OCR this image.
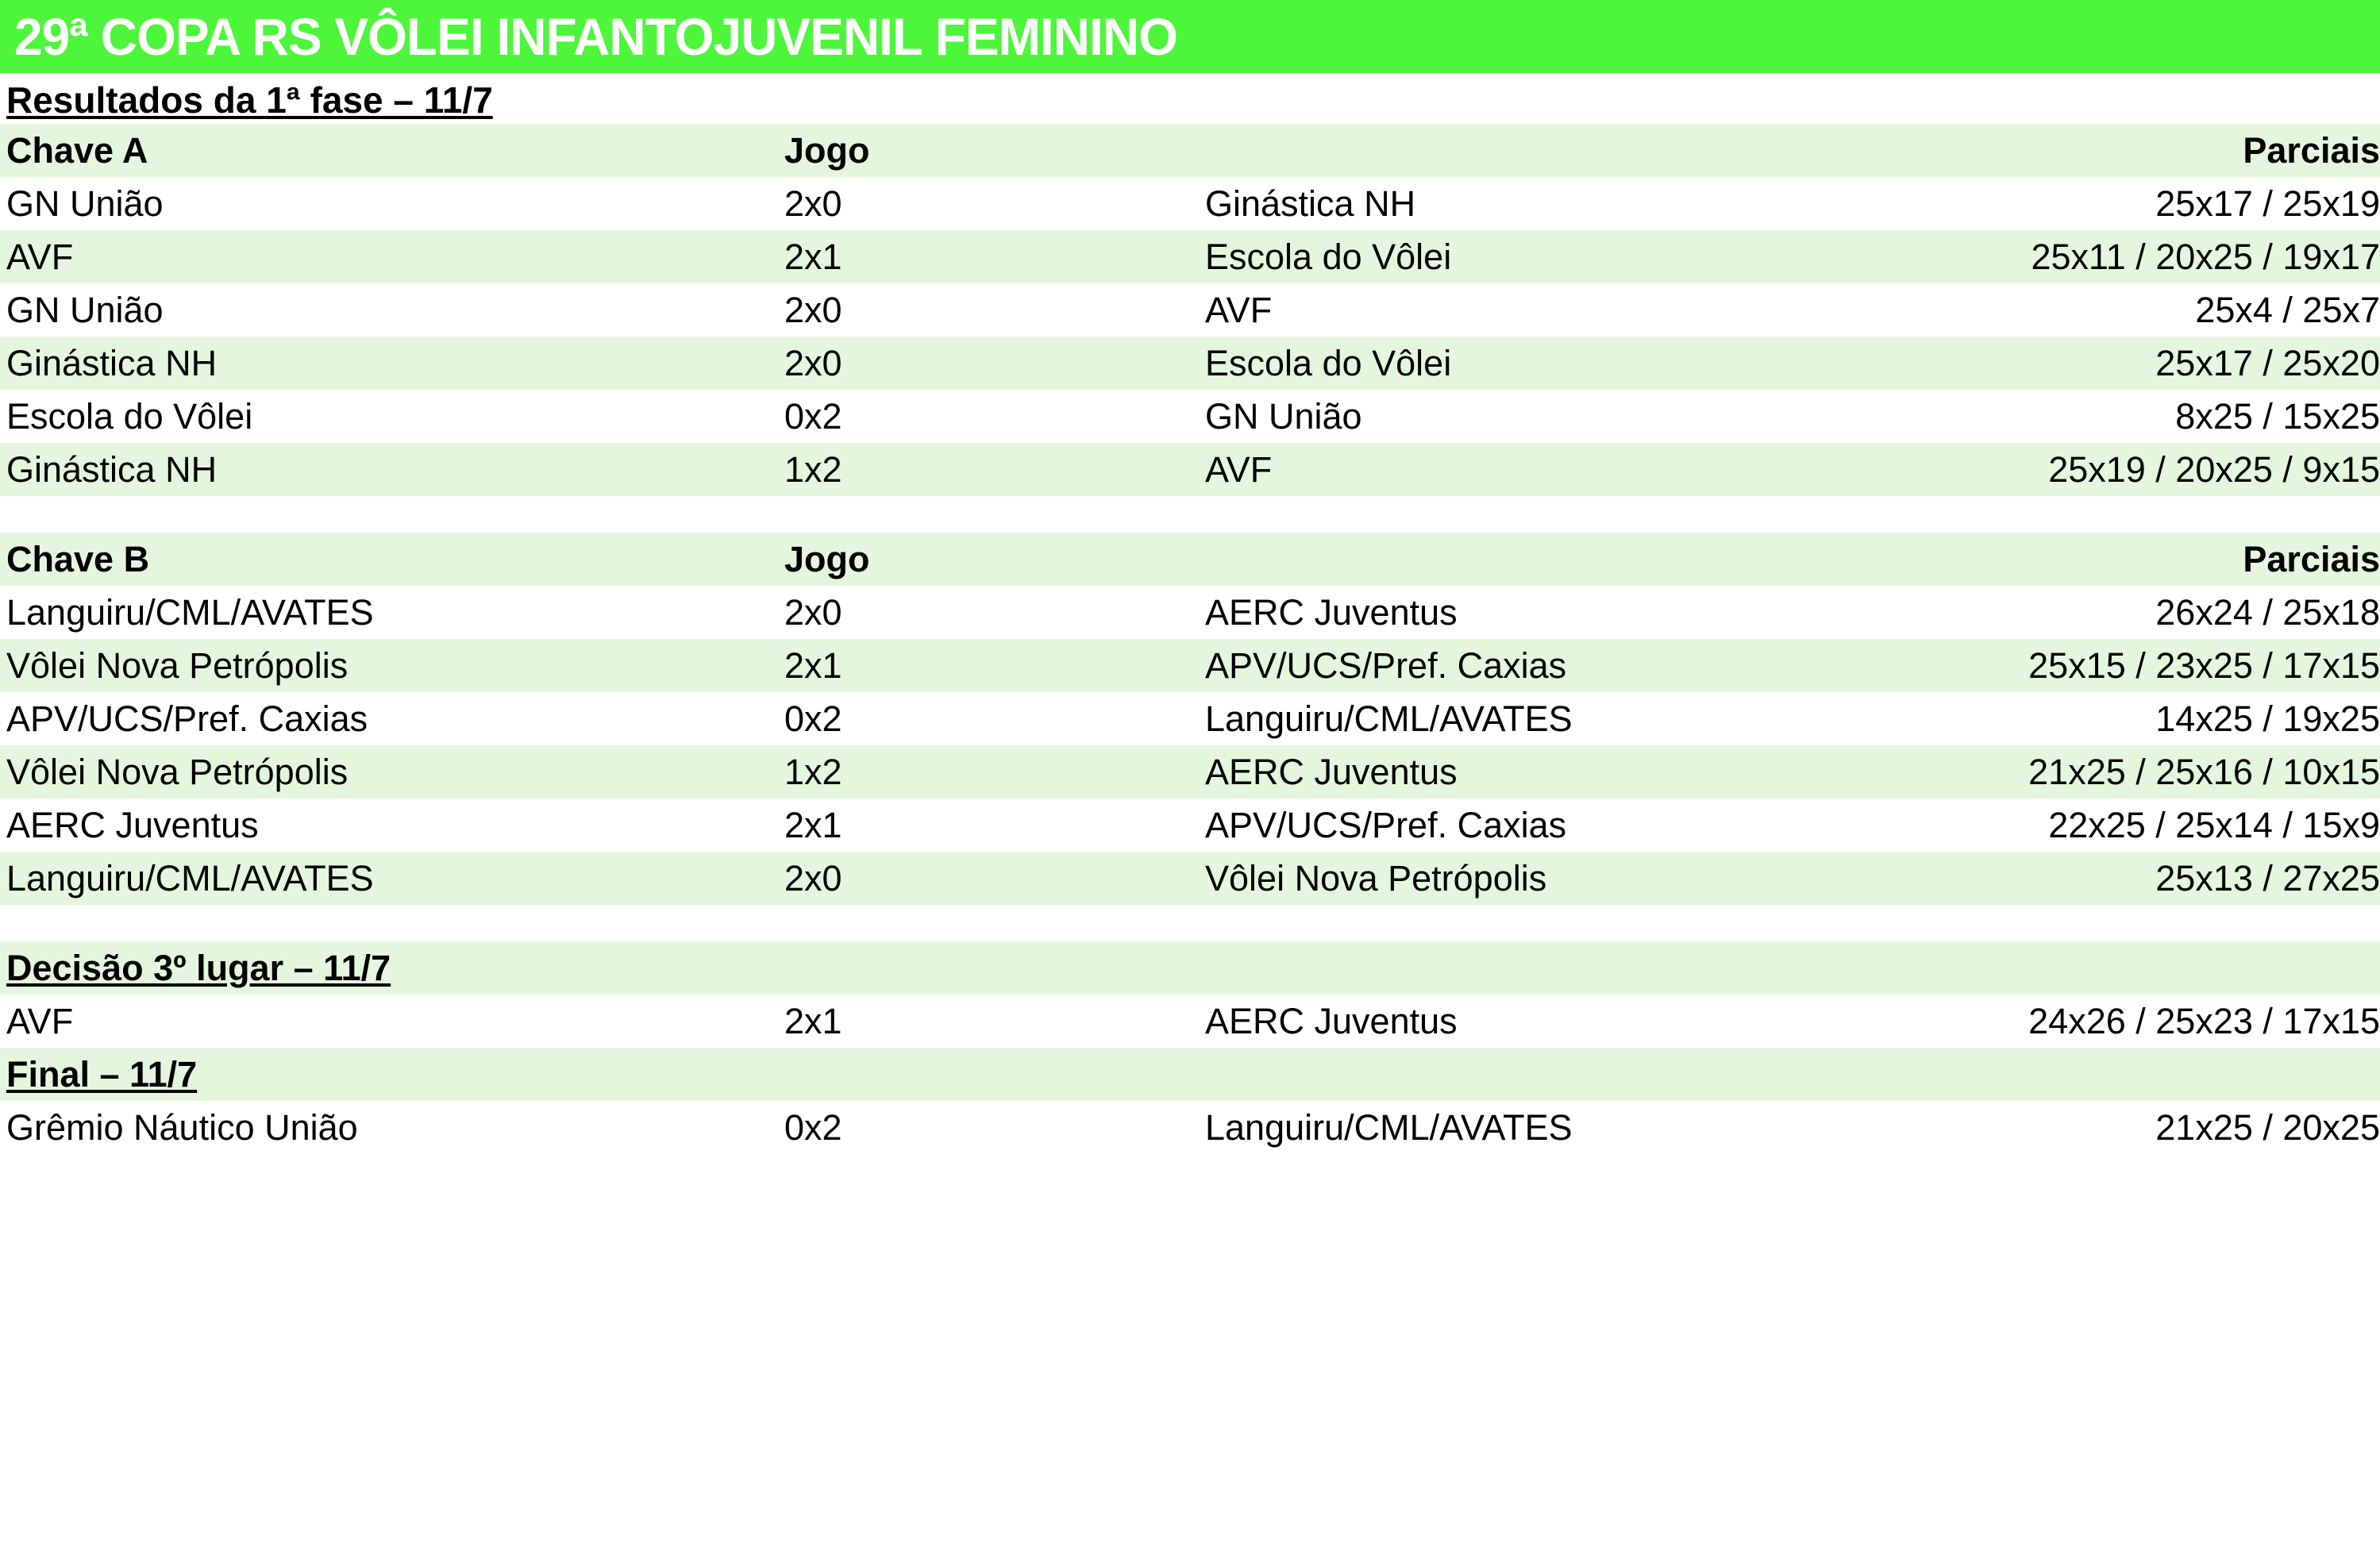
29ª COPA RS VÔLEI INFANTOJUVENIL FEMININO
Resultados da 1ª fase – 11/7
Chave A	Jogo		Parciais
GN União	2x0	Ginástica NH	25x17 / 25x19
AVF	2x1	Escola do Vôlei	25x11 / 20x25 / 19x17
GN União	2x0	AVF	25x4 / 25x7
Ginástica NH	2x0	Escola do Vôlei	25x17 / 25x20
Escola do Vôlei	0x2	GN União	8x25 / 15x25
Ginástica NH	1x2	AVF	25x19 / 20x25 / 9x15

Chave B	Jogo		Parciais
Languiru/CML/AVATES	2x0	AERC Juventus	26x24 / 25x18
Vôlei Nova Petrópolis	2x1	APV/UCS/Pref. Caxias	25x15 / 23x25 / 17x15
APV/UCS/Pref. Caxias	0x2	Languiru/CML/AVATES	14x25 / 19x25
Vôlei Nova Petrópolis	1x2	AERC Juventus	21x25 / 25x16 / 10x15
AERC Juventus	2x1	APV/UCS/Pref. Caxias	22x25 / 25x14 / 15x9
Languiru/CML/AVATES	2x0	Vôlei Nova Petrópolis	25x13 / 27x25

Decisão 3º lugar – 11/7			
AVF	2x1	AERC Juventus	24x26 / 25x23 / 17x15
Final – 11/7			
Grêmio Náutico União	0x2	Languiru/CML/AVATES	21x25 / 20x25
